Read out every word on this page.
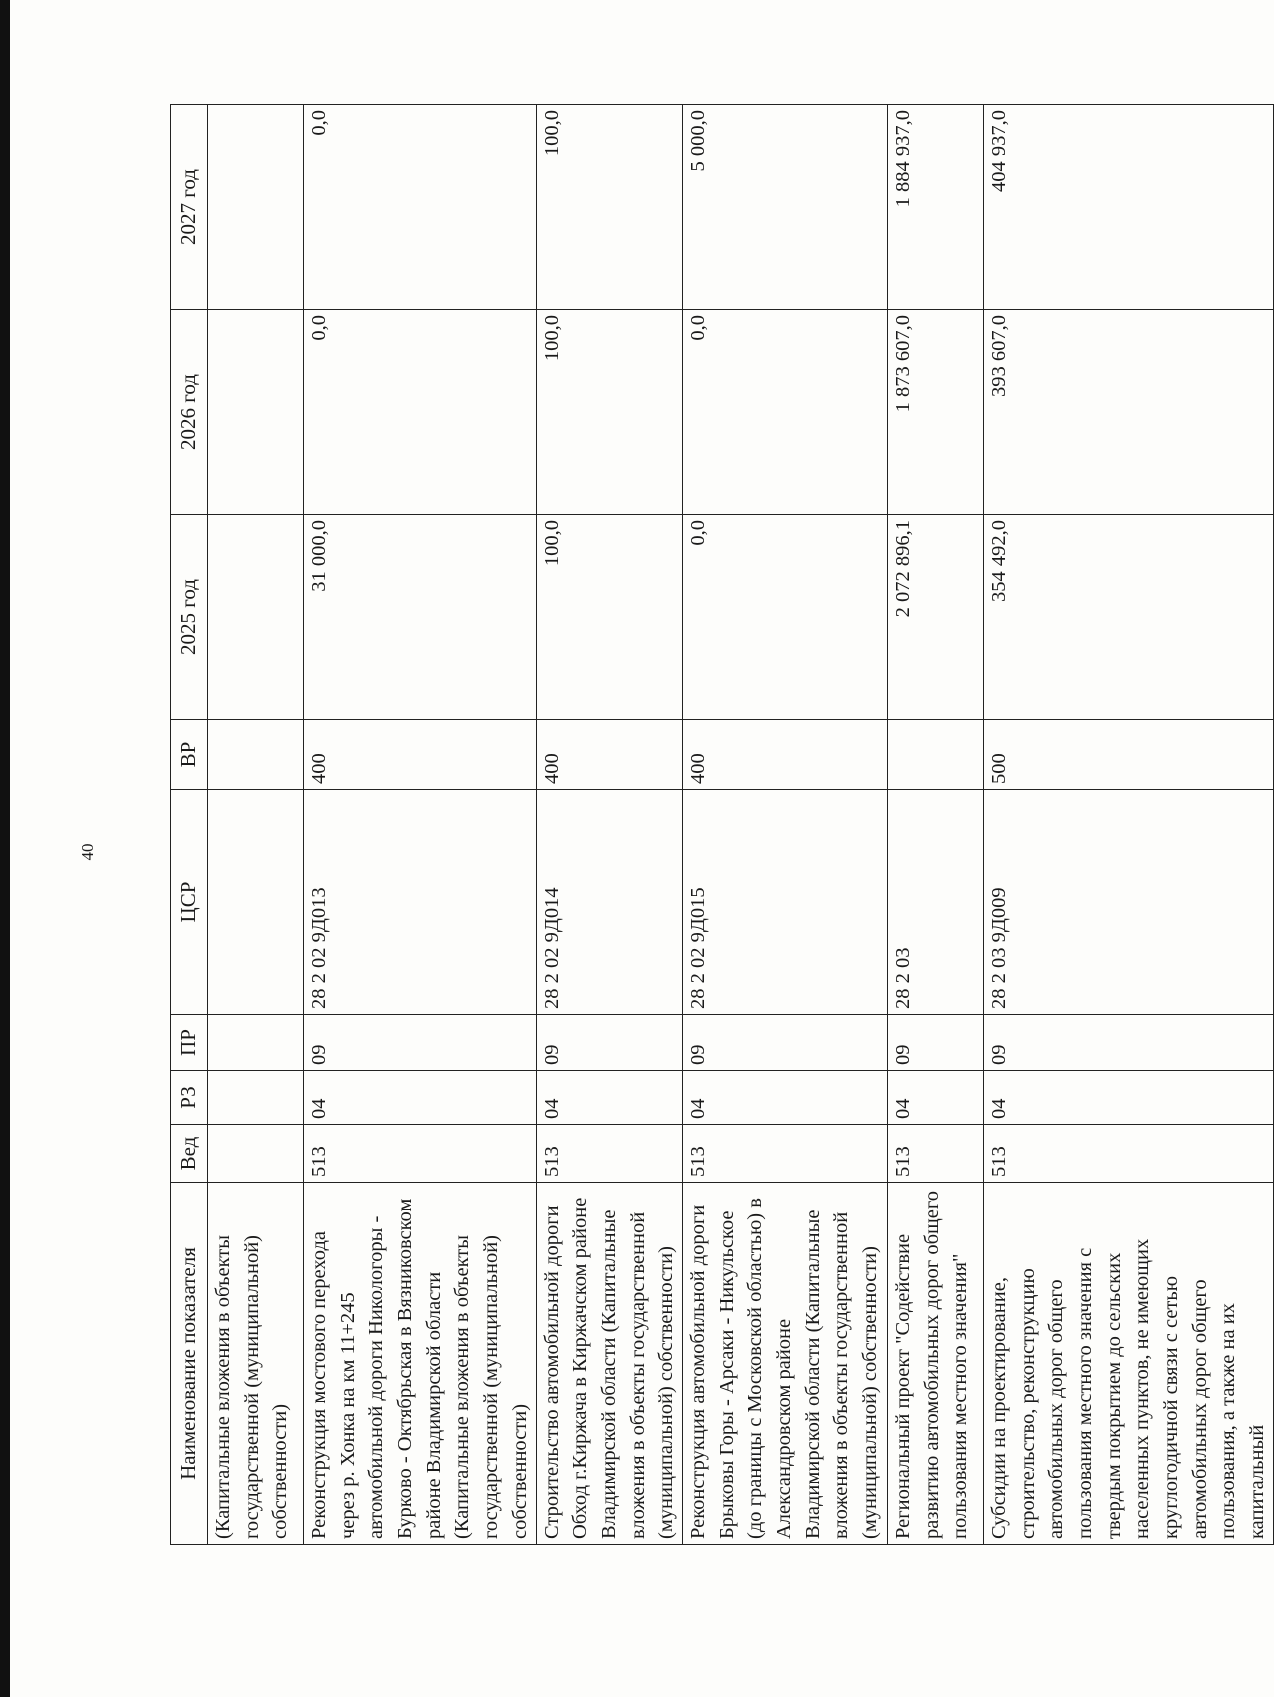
40
Наименование показателя	Вед	РЗ	ПР	ЦСР	ВР	2025 год	2026 год	2027 год
(Капитальные вложения в объекты государственной (муниципальной) собственности)								
Реконструкция мостового перехода через р. Хонка на км 11+245 автомобильной дороги Никологоры - Бурково - Октябрьская в Вязниковском районе Владимирской области (Капитальные вложения в объекты государственной (муниципальной) собственности)	513	04	09	28 2 02 9Д013	400	31 000,0	0,0	0,0
Строительство автомобильной дороги Обход г.Киржача в Киржачском районе Владимирской области (Капитальные вложения в объекты государственной (муниципальной) собственности)	513	04	09	28 2 02 9Д014	400	100,0	100,0	100,0
Реконструкция автомобильной дороги Брыковы Горы - Арсаки - Никульское (до границы с Московской областью) в Александровском районе Владимирской области (Капитальные вложения в объекты государственной (муниципальной) собственности)	513	04	09	28 2 02 9Д015	400	0,0	0,0	5 000,0
Региональный проект "Содействие развитию автомобильных дорог общего пользования местного значения"	513	04	09	28 2 03		2 072 896,1	1 873 607,0	1 884 937,0
Субсидии на проектирование, строительство, реконструкцию автомобильных дорог общего пользования местного значения с твердым покрытием до сельских населенных пунктов, не имеющих круглогодичной связи с сетью автомобильных дорог общего пользования, а также на их капитальный	513	04	09	28 2 03 9Д009	500	354 492,0	393 607,0	404 937,0
